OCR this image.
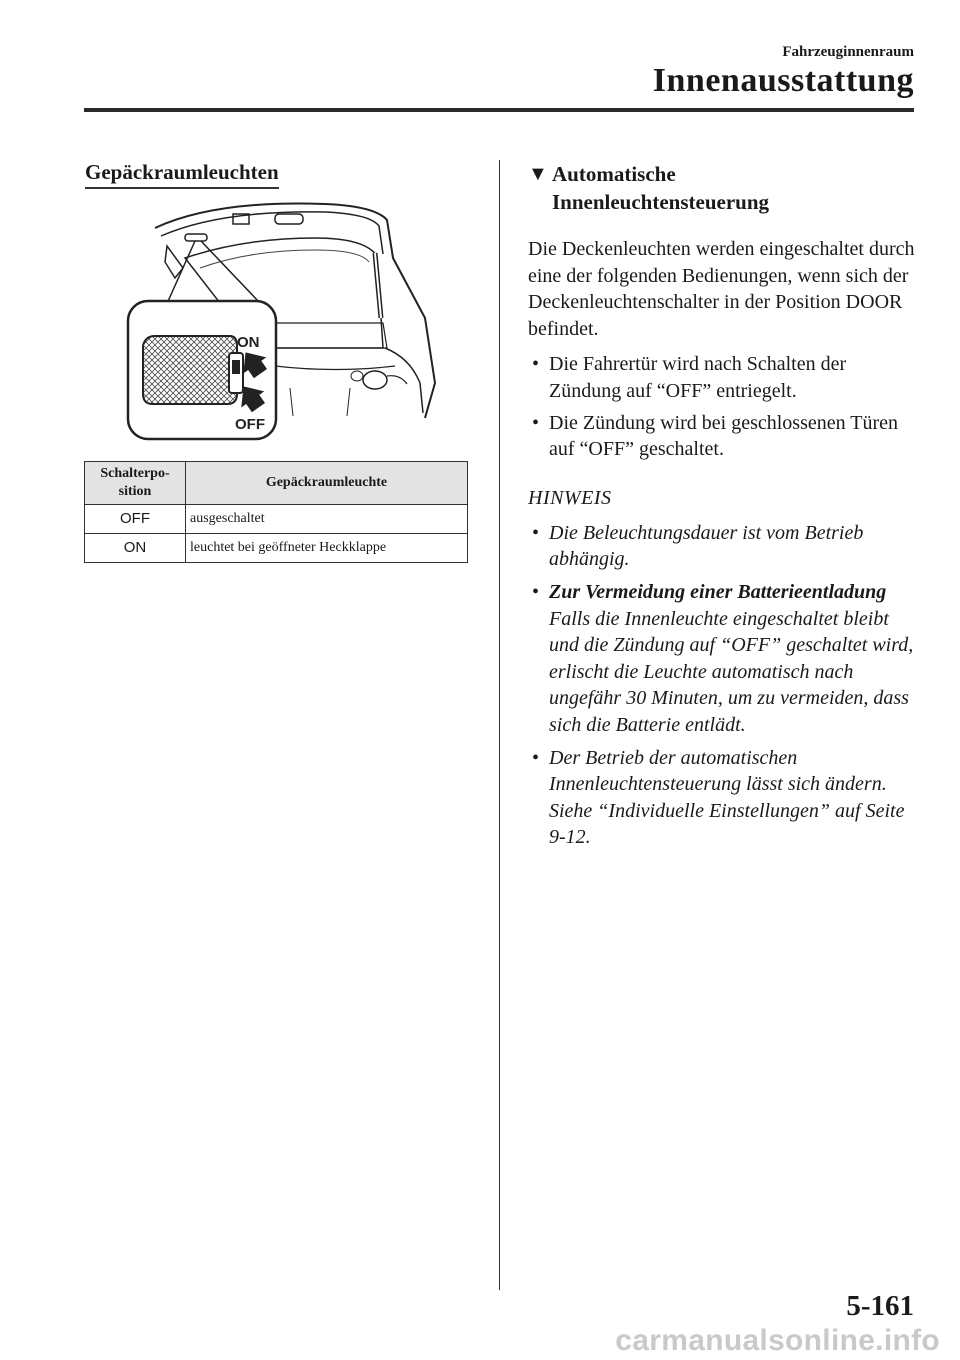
Fahrzeuginnenraum
Innenausstattung
Gepäckraumleuchten
ON
OFF
Schalterpo-
sition	Gepäckraumleuchte
OFF	ausgeschaltet
ON	leuchtet bei geöffneter Heckklappe
▼ Automatische
Innenleuchtensteuerung
Die Deckenleuchten werden eingeschaltet durch eine der folgenden Bedienungen, wenn sich der Deckenleuchtenschalter in der Position DOOR befindet.
• Die Fahrertür wird nach Schalten der Zündung auf “OFF” entriegelt.
• Die Zündung wird bei geschlossenen Türen auf “OFF” geschaltet.
HINWEIS
• Die Beleuchtungsdauer ist vom Betrieb abhängig.
• Zur Vermeidung einer Batterieentladung
Falls die Innenleuchte eingeschaltet bleibt und die Zündung auf “OFF” geschaltet wird, erlischt die Leuchte automatisch nach ungefähr 30 Minuten, um zu vermeiden, dass sich die Batterie entlädt.
• Der Betrieb der automatischen Innenleuchtensteuerung lässt sich ändern.
Siehe “Individuelle Einstellungen” auf Seite 9-12.
5-161
carmanualsonline.info
